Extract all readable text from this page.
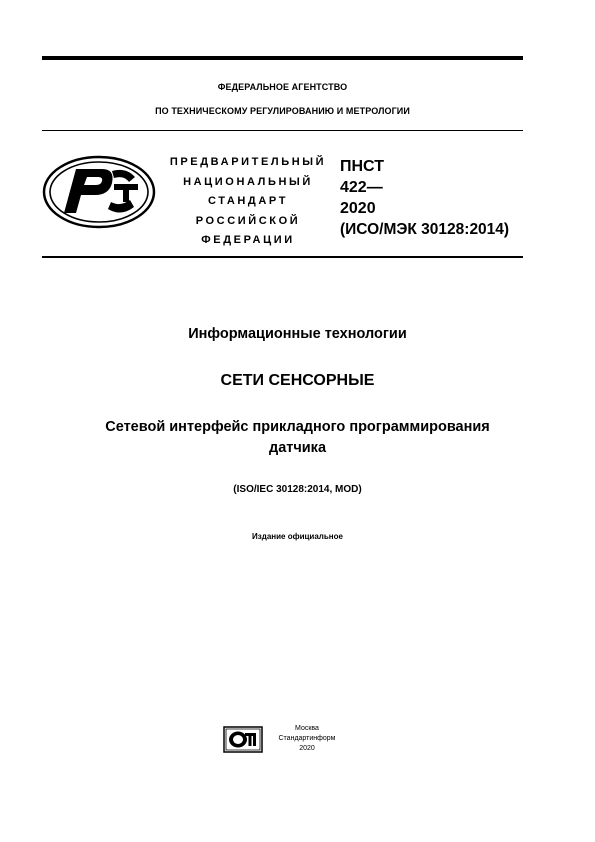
ФЕДЕРАЛЬНОЕ АГЕНТСТВО
ПО ТЕХНИЧЕСКОМУ РЕГУЛИРОВАНИЮ И МЕТРОЛОГИИ
ПРЕДВАРИТЕЛЬНЫЙ
НАЦИОНАЛЬНЫЙ
СТАНДАРТ
РОССИЙСКОЙ
ФЕДЕРАЦИИ
ПНСТ
422—
2020
(ИСО/МЭК 30128:2014)
Информационные технологии
СЕТИ СЕНСОРНЫЕ
Сетевой интерфейс прикладного программирования
датчика
(ISO/IEC 30128:2014, MOD)
Издание официальное
Москва
Стандартинформ
2020
